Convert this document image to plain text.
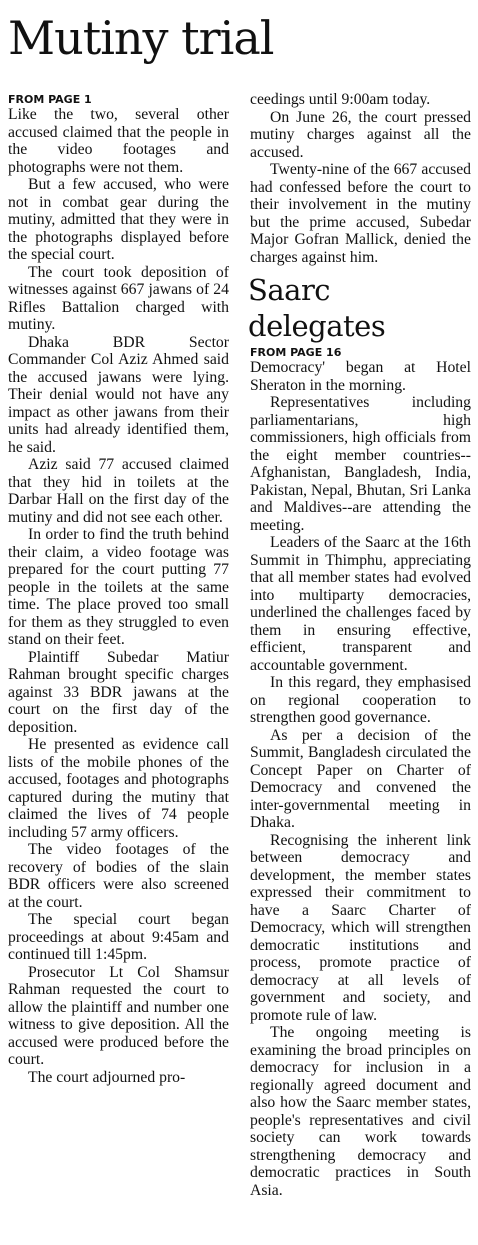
Mutiny trial
FROM PAGE 1

Like the two, several other accused claimed that the people in the video footages and photographs were not them.

But a few accused, who were not in combat gear during the mutiny, admitted that they were in the photographs displayed before the special court.

The court took deposition of witnesses against 667 jawans of 24 Rifles Battalion charged with mutiny.

Dhaka BDR Sector Commander Col Aziz Ahmed said the accused jawans were lying. Their denial would not have any impact as other jawans from their units had already identified them, he said.

Aziz said 77 accused claimed that they hid in toilets at the Darbar Hall on the first day of the mutiny and did not see each other.

In order to find the truth behind their claim, a video footage was prepared for the court putting 77 people in the toilets at the same time. The place proved too small for them as they struggled to even stand on their feet.

Plaintiff Subedar Matiur Rahman brought specific charges against 33 BDR jawans at the court on the first day of the deposition.

He presented as evidence call lists of the mobile phones of the accused, footages and photographs captured during the mutiny that claimed the lives of 74 people including 57 army officers.

The video footages of the recovery of bodies of the slain BDR officers were also screened at the court.

The special court began proceedings at about 9:45am and continued till 1:45pm.

Prosecutor Lt Col Shamsur Rahman requested the court to allow the plaintiff and number one witness to give deposition. All the accused were produced before the court.

The court adjourned pro-

ceedings until 9:00am today.

On June 26, the court pressed mutiny charges against all the accused.

Twenty-nine of the 667 accused had confessed before the court to their involvement in the mutiny but the prime accused, Subedar Major Gofran Mallick, denied the charges against him.

Saarc delegates
FROM PAGE 16

Democracy' began at Hotel Sheraton in the morning.

Representatives including parliamentarians, high commissioners, high officials from the eight member countries--Afghanistan, Bangladesh, India, Pakistan, Nepal, Bhutan, Sri Lanka and Maldives--are attending the meeting.

Leaders of the Saarc at the 16th Summit in Thimphu, appreciating that all member states had evolved into multiparty democracies, underlined the challenges faced by them in ensuring effective, efficient, transparent and accountable government.

In this regard, they emphasised on regional cooperation to strengthen good governance.

As per a decision of the Summit, Bangladesh circulated the Concept Paper on Charter of Democracy and convened the inter-governmental meeting in Dhaka.

Recognising the inherent link between democracy and development, the member states expressed their commitment to have a Saarc Charter of Democracy, which will strengthen democratic institutions and process, promote practice of democracy at all levels of government and society, and promote rule of law.

The ongoing meeting is examining the broad principles on democracy for inclusion in a regionally agreed document and also how the Saarc member states, people's representatives and civil society can work towards strengthening democracy and democratic practices in South Asia.
